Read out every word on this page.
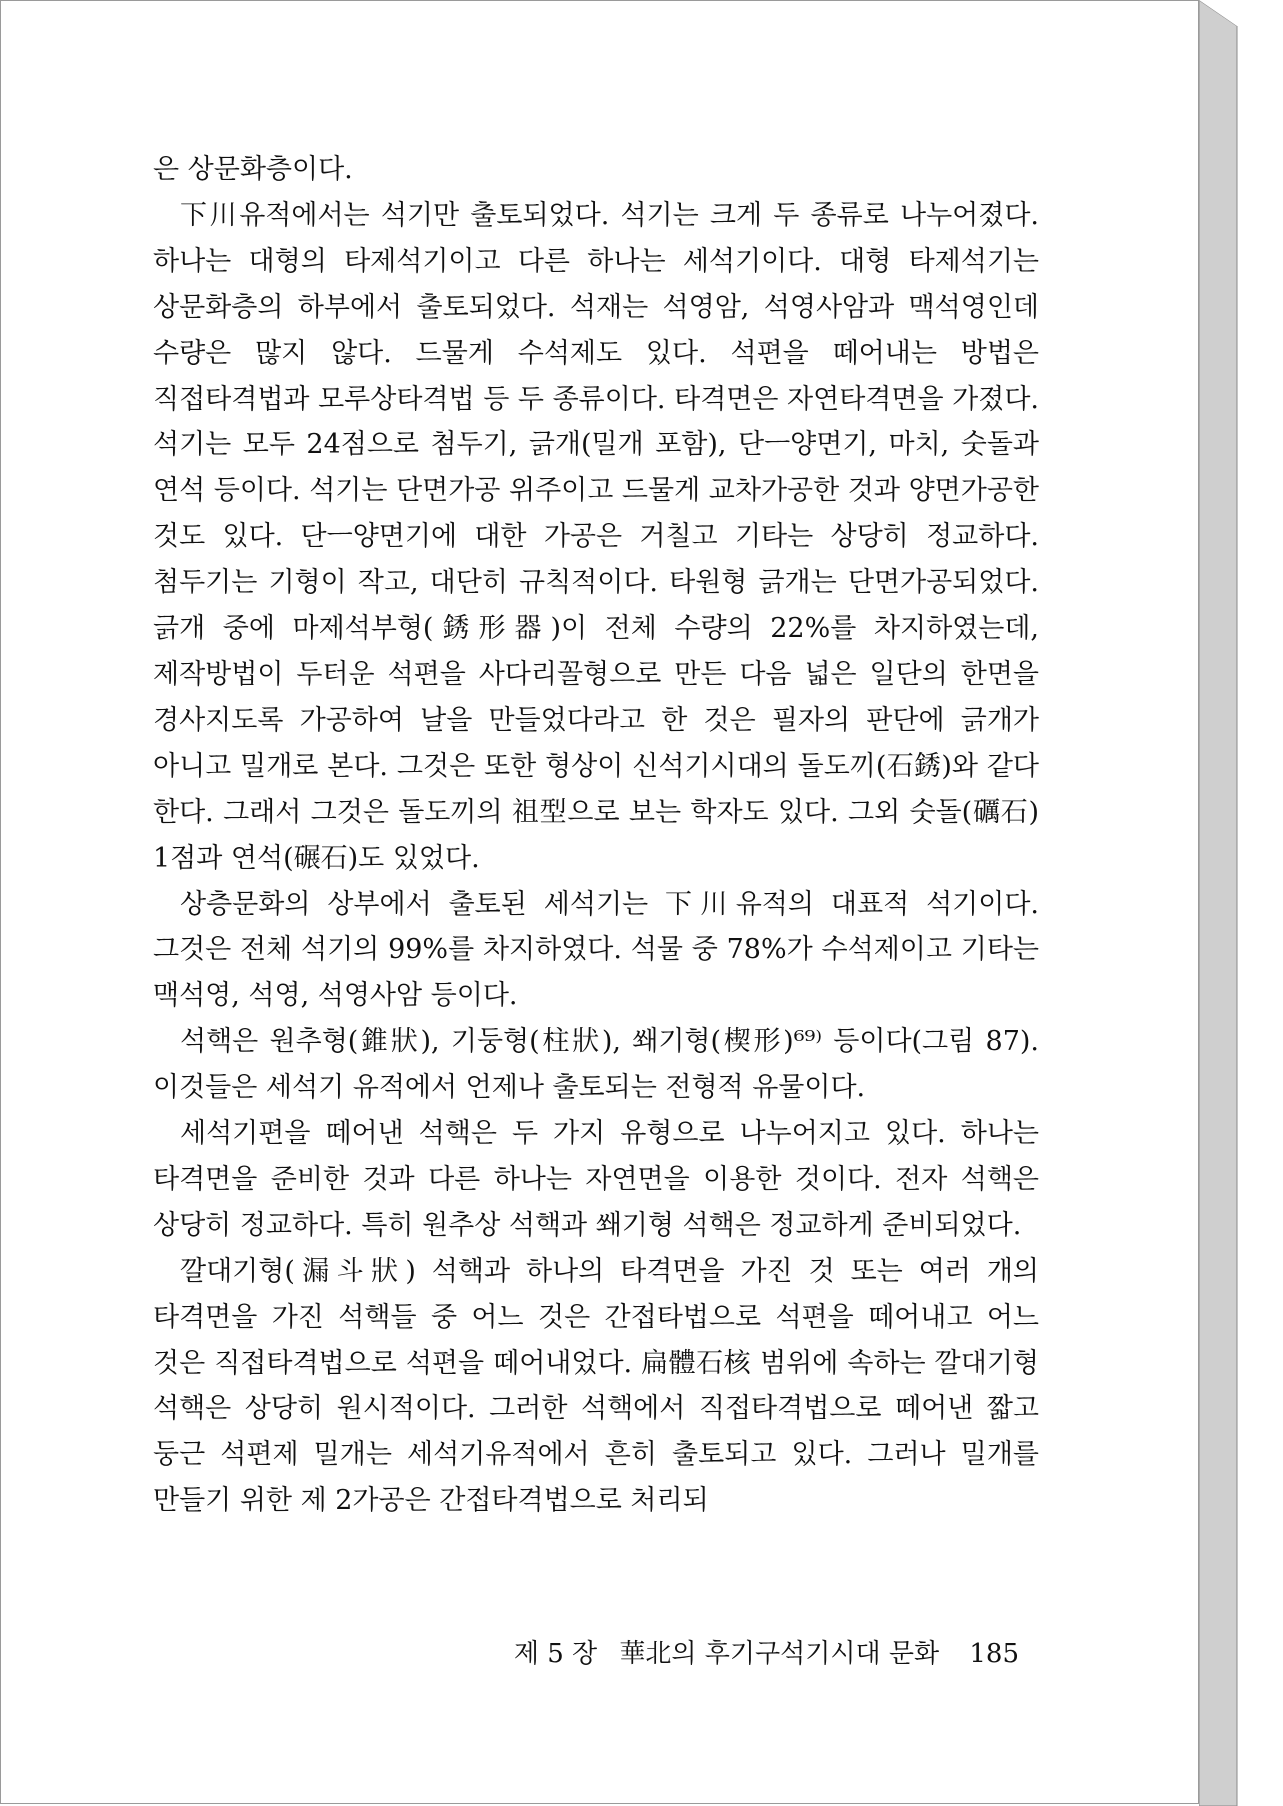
은 상문화층이다.

下川유적에서는 석기만 출토되었다. 석기는 크게 두 종류로 나누어졌다. 하나는 대형의 타제석기이고 다른 하나는 세석기이다. 대형 타제석기는 상문화층의 하부에서 출토되었다. 석재는 석영암, 석영사암과 맥석영인데 수량은 많지 않다. 드물게 수석제도 있다. 석편을 떼어내는 방법은 직접타격법과 모루상타격법 등 두 종류이다. 타격면은 자연타격면을 가졌다. 석기는 모두 24점으로 첨두기, 긁개(밀개 포함), 단ㅡ양면기, 마치, 숫돌과 연석 등이다. 석기는 단면가공 위주이고 드물게 교차가공한 것과 양면가공한 것도 있다. 단ㅡ양면기에 대한 가공은 거칠고 기타는 상당히 정교하다. 첨두기는 기형이 작고, 대단히 규칙적이다. 타원형 긁개는 단면가공되었다. 긁개 중에 마제석부형(銹形器)이 전체 수량의 22%를 차지하였는데, 제작방법이 두터운 석편을 사다리꼴형으로 만든 다음 넓은 일단의 한면을 경사지도록 가공하여 날을 만들었다라고 한 것은 필자의 판단에 긁개가 아니고 밀개로 본다. 그것은 또한 형상이 신석기시대의 돌도끼(石銹)와 같다 한다. 그래서 그것은 돌도끼의 祖型으로 보는 학자도 있다. 그외 숫돌(礪石) 1점과 연석(碾石)도 있었다.

상층문화의 상부에서 출토된 세석기는 下川유적의 대표적 석기이다. 그것은 전체 석기의 99%를 차지하였다. 석물 중 78%가 수석제이고 기타는 맥석영, 석영, 석영사암 등이다.

석핵은 원추형(錐狀), 기둥형(柱狀), 쐐기형(楔形)⁶⁹⁾ 등이다(그림 87). 이것들은 세석기 유적에서 언제나 출토되는 전형적 유물이다.

세석기편을 떼어낸 석핵은 두 가지 유형으로 나누어지고 있다. 하나는 타격면을 준비한 것과 다른 하나는 자연면을 이용한 것이다. 전자 석핵은 상당히 정교하다. 특히 원추상 석핵과 쐐기형 석핵은 정교하게 준비되었다.

깔대기형(漏斗狀) 석핵과 하나의 타격면을 가진 것 또는 여러 개의 타격면을 가진 석핵들 중 어느 것은 간접타법으로 석편을 떼어내고 어느 것은 직접타격법으로 석편을 떼어내었다. 扁體石核 범위에 속하는 깔대기형 석핵은 상당히 원시적이다. 그러한 석핵에서 직접타격법으로 떼어낸 짧고 둥근 석편제 밀개는 세석기유적에서 흔히 출토되고 있다. 그러나 밀개를 만들기 위한 제 2가공은 간접타격법으로 처리되

제 5 장 華北의 후기구석기시대 문화 185
